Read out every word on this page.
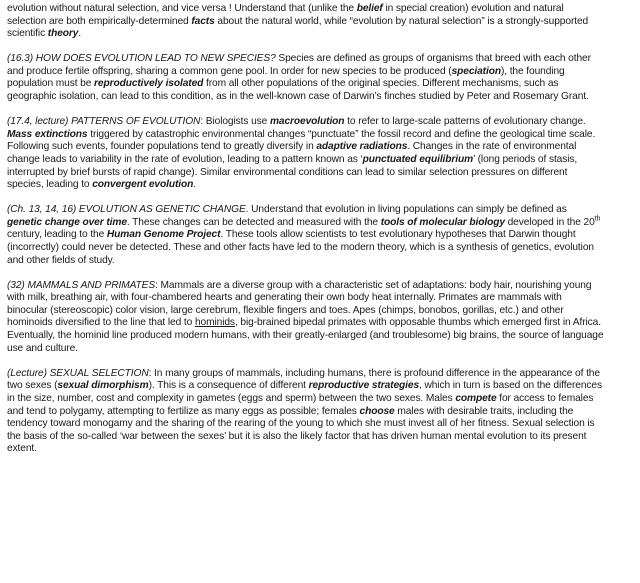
evolution without natural selection, and vice versa ! Understand that (unlike the belief in special creation) evolution and natural selection are both empirically-determined facts about the natural world, while “evolution by natural selection” is a strongly-supported scientific theory.

(16.3) HOW DOES EVOLUTION LEAD TO NEW SPECIES? Species are defined as groups of organisms that breed with each other and produce fertile offspring, sharing a common gene pool. In order for new species to be produced (speciation), the founding population must be reproductively isolated from all other populations of the original species. Different mechanisms, such as geographic isolation, can lead to this condition, as in the well-known case of Darwin’s finches studied by Peter and Rosemary Grant.

(17.4, lecture) PATTERNS OF EVOLUTION: Biologists use macroevolution to refer to large-scale patterns of evolutionary change. Mass extinctions triggered by catastrophic environmental changes “punctuate” the fossil record and define the geological time scale. Following such events, founder populations tend to greatly diversify in adaptive radiations. Changes in the rate of environmental change leads to variability in the rate of evolution, leading to a pattern known as ‘punctuated equilibrium’ (long periods of stasis, interrupted by brief bursts of rapid change). Similar environmental conditions can lead to similar selection pressures on different species, leading to convergent evolution.

(Ch. 13, 14, 16) EVOLUTION AS GENETIC CHANGE. Understand that evolution in living populations can simply be defined as genetic change over time. These changes can be detected and measured with the tools of molecular biology developed in the 20th century, leading to the Human Genome Project. These tools allow scientists to test evolutionary hypotheses that Darwin thought (incorrectly) could never be detected. These and other facts have led to the modern theory, which is a synthesis of genetics, evolution and other fields of study.

(32) MAMMALS AND PRIMATES: Mammals are a diverse group with a characteristic set of adaptations: body hair, nourishing young with milk, breathing air, with four-chambered hearts and generating their own body heat internally. Primates are mammals with binocular (stereoscopic) color vision, large cerebrum, flexible fingers and toes. Apes (chimps, bonobos, gorillas, etc.) and other hominoids diversified to the line that led to hominids, big-brained bipedal primates with opposable thumbs which emerged first in Africa. Eventually, the hominid line produced modern humans, with their greatly-enlarged (and troublesome) big brains, the source of language use and culture.

(Lecture) SEXUAL SELECTION: In many groups of mammals, including humans, there is profound difference in the appearance of the two sexes (sexual dimorphism). This is a consequence of different reproductive strategies, which in turn is based on the differences in the size, number, cost and complexity in gametes (eggs and sperm) between the two sexes. Males compete for access to females and tend to polygamy, attempting to fertilize as many eggs as possible; females choose males with desirable traits, including the tendency toward monogamy and the sharing of the rearing of the young to which she must invest all of her fitness. Sexual selection is the basis of the so-called ‘war between the sexes’ but it is also the likely factor that has driven human mental evolution to its present extent.
